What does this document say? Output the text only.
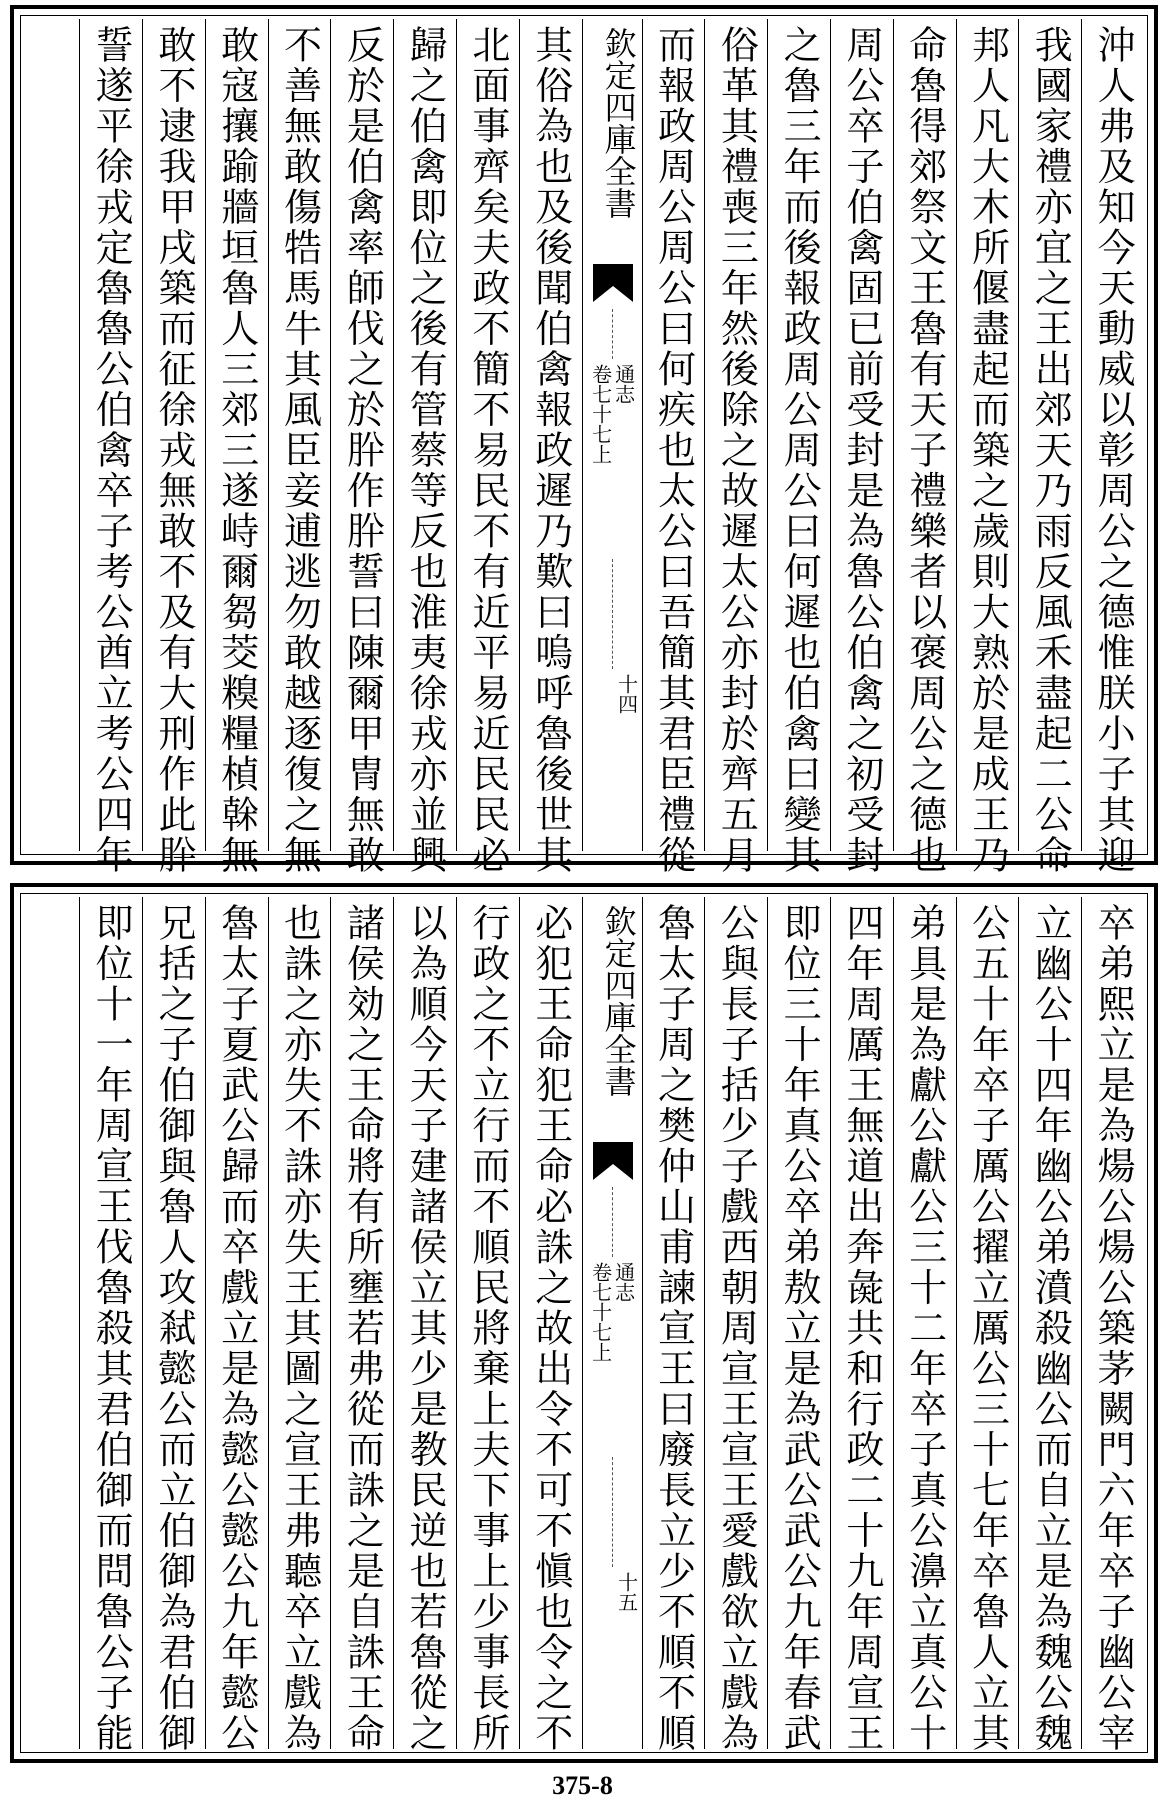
沖人弗及知今天動威以彰周公之德惟朕小子其迎
我國家禮亦宜之王出郊天乃雨反風禾盡起二公命
邦人凡大木所偃盡起而築之歲則大熟於是成王乃
命魯得郊祭文王魯有天子禮樂者以褒周公之德也
周公卒子伯禽固已前受封是為魯公伯禽之初受封
之魯三年而後報政周公周公曰何遲也伯禽曰變其
俗革其禮喪三年然後除之故遲太公亦封於齊五月
而報政周公周公曰何疾也太公曰吾簡其君臣禮從
欽定四庫全書
通志
卷七十七上
十四
其俗為也及後聞伯禽報政遲乃歎曰嗚呼魯後世其
北面事齊矣夫政不簡不易民不有近平易近民民必
歸之伯禽即位之後有管蔡等反也淮夷徐戎亦並興
反於是伯禽率師伐之於肸作肸誓曰陳爾甲冑無敢
不善無敢傷牿馬牛其風臣妾逋逃勿敢越逐復之無
敢寇攘踰牆垣魯人三郊三遂峙爾芻茭糗糧楨榦無
敢不逮我甲戌築而征徐戎無敢不及有大刑作此肸
誓遂平徐戎定魯魯公伯禽卒子考公酋立考公四年
卒弟熙立是為煬公煬公築茅闕門六年卒子幽公宰
立幽公十四年幽公弟濆殺幽公而自立是為魏公魏
公五十年卒子厲公擢立厲公三十七年卒魯人立其
弟具是為獻公獻公三十二年卒子真公濞立真公十
四年周厲王無道出奔彘共和行政二十九年周宣王
即位三十年真公卒弟敖立是為武公武公九年春武
公與長子括少子戲西朝周宣王宣王愛戲欲立戲為
魯太子周之樊仲山甫諫宣王曰廢長立少不順不順
欽定四庫全書
通志
卷七十七上
十五
必犯王命犯王命必誅之故出令不可不愼也令之不
行政之不立行而不順民將棄上夫下事上少事長所
以為順今天子建諸侯立其少是教民逆也若魯從之
諸侯効之王命將有所壅若弗從而誅之是自誅王命
也誅之亦失不誅亦失王其圖之宣王弗聽卒立戲為
魯太子夏武公歸而卒戲立是為懿公懿公九年懿公
兄括之子伯御與魯人攻弒懿公而立伯御為君伯御
即位十一年周宣王伐魯殺其君伯御而問魯公子能
375-8
